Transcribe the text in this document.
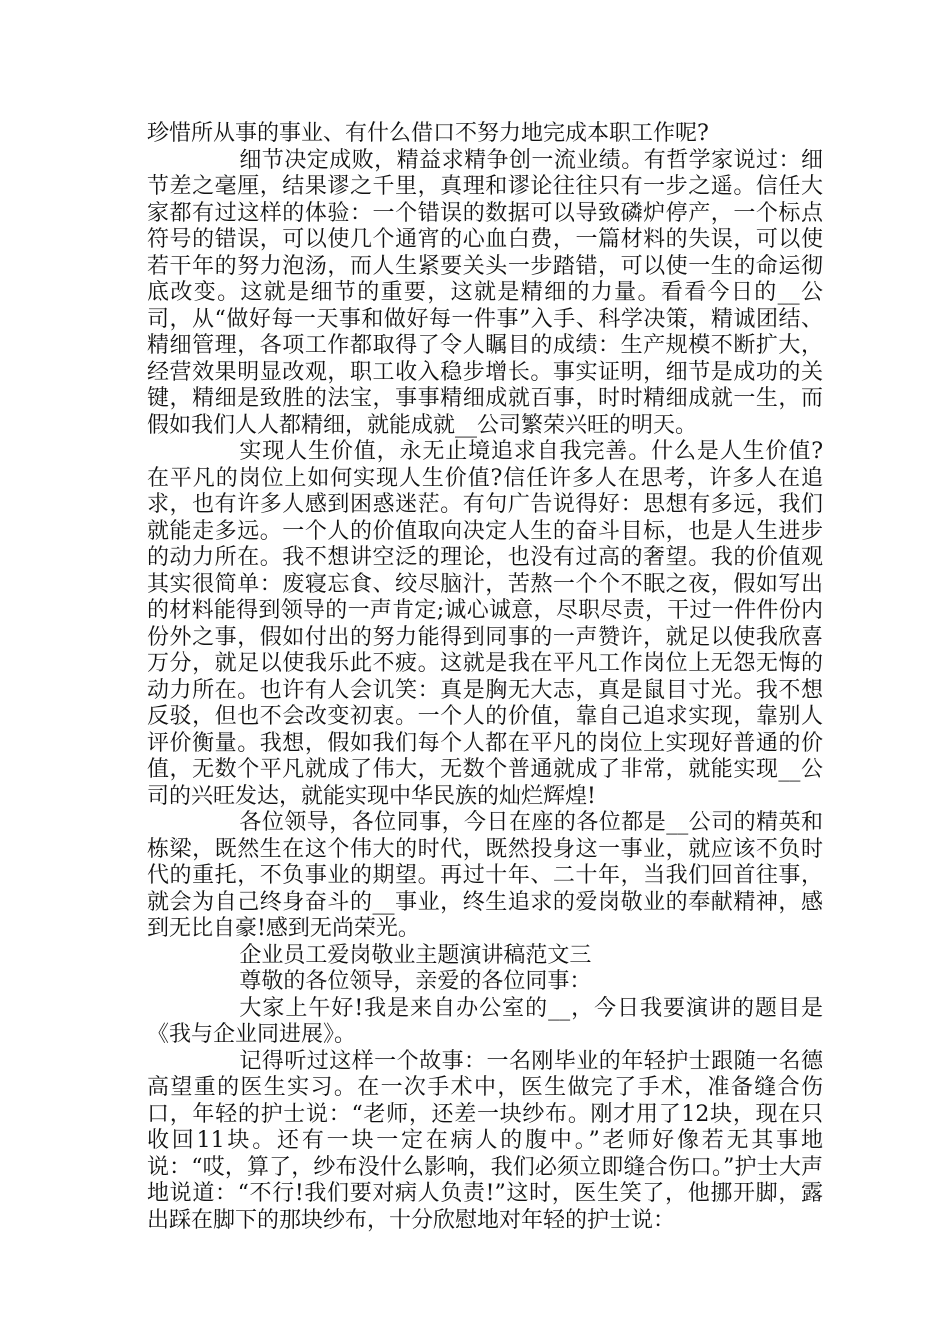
珍惜所从事的事业、有什么借口不努力地完成本职工作呢?

细节决定成败，精益求精争创一流业绩。有哲学家说过：细节差之毫厘，结果谬之千里，真理和谬论往往只有一步之遥。信任大家都有过这样的体验：一个错误的数据可以导致磷炉停产，一个标点符号的错误，可以使几个通宵的心血白费，一篇材料的失误，可以使若干年的努力泡汤，而人生紧要关头一步踏错，可以使一生的命运彻底改变。这就是细节的重要，这就是精细的力量。看看今日的__公司，从“做好每一天事和做好每一件事”入手、科学决策，精诚团结、精细管理，各项工作都取得了令人瞩目的成绩：生产规模不断扩大，经营效果明显改观，职工收入稳步增长。事实证明，细节是成功的关键，精细是致胜的法宝，事事精细成就百事，时时精细成就一生，而假如我们人人都精细，就能成就__公司繁荣兴旺的明天。

实现人生价值，永无止境追求自我完善。什么是人生价值?在平凡的岗位上如何实现人生价值?信任许多人在思考，许多人在追求，也有许多人感到困惑迷茫。有句广告说得好：思想有多远，我们就能走多远。一个人的价值取向决定人生的奋斗目标，也是人生进步的动力所在。我不想讲空泛的理论，也没有过高的奢望。我的价值观其实很简单：废寝忘食、绞尽脑汁，苦熬一个个不眠之夜，假如写出的材料能得到领导的一声肯定;诚心诚意，尽职尽责，干过一件件份内份外之事，假如付出的努力能得到同事的一声赞许，就足以使我欣喜万分，就足以使我乐此不疲。这就是我在平凡工作岗位上无怨无悔的动力所在。也许有人会讥笑：真是胸无大志，真是鼠目寸光。我不想反驳，但也不会改变初衷。一个人的价值，靠自己追求实现，靠别人评价衡量。我想，假如我们每个人都在平凡的岗位上实现好普通的价值，无数个平凡就成了伟大，无数个普通就成了非常，就能实现__公司的兴旺发达，就能实现中华民族的灿烂辉煌!

各位领导，各位同事，今日在座的各位都是__公司的精英和栋梁，既然生在这个伟大的时代，既然投身这一事业，就应该不负时代的重托，不负事业的期望。再过十年、二十年，当我们回首往事，就会为自己终身奋斗的__事业，终生追求的爱岗敬业的奉献精神，感到无比自豪!感到无尚荣光。

企业员工爱岗敬业主题演讲稿范文三

尊敬的各位领导，亲爱的各位同事：

大家上午好!我是来自办公室的__，今日我要演讲的题目是《我与企业同进展》。

记得听过这样一个故事：一名刚毕业的年轻护士跟随一名德高望重的医生实习。在一次手术中，医生做完了手术，准备缝合伤口，年轻的护士说：“老师，还差一块纱布。刚才用了12块，现在只收回11块。还有一块一定在病人的腹中。”老师好像若无其事地说：“哎，算了，纱布没什么影响，我们必须立即缝合伤口。”护士大声地说道：“不行!我们要对病人负责!”这时，医生笑了，他挪开脚，露出踩在脚下的那块纱布，十分欣慰地对年轻的护士说：
